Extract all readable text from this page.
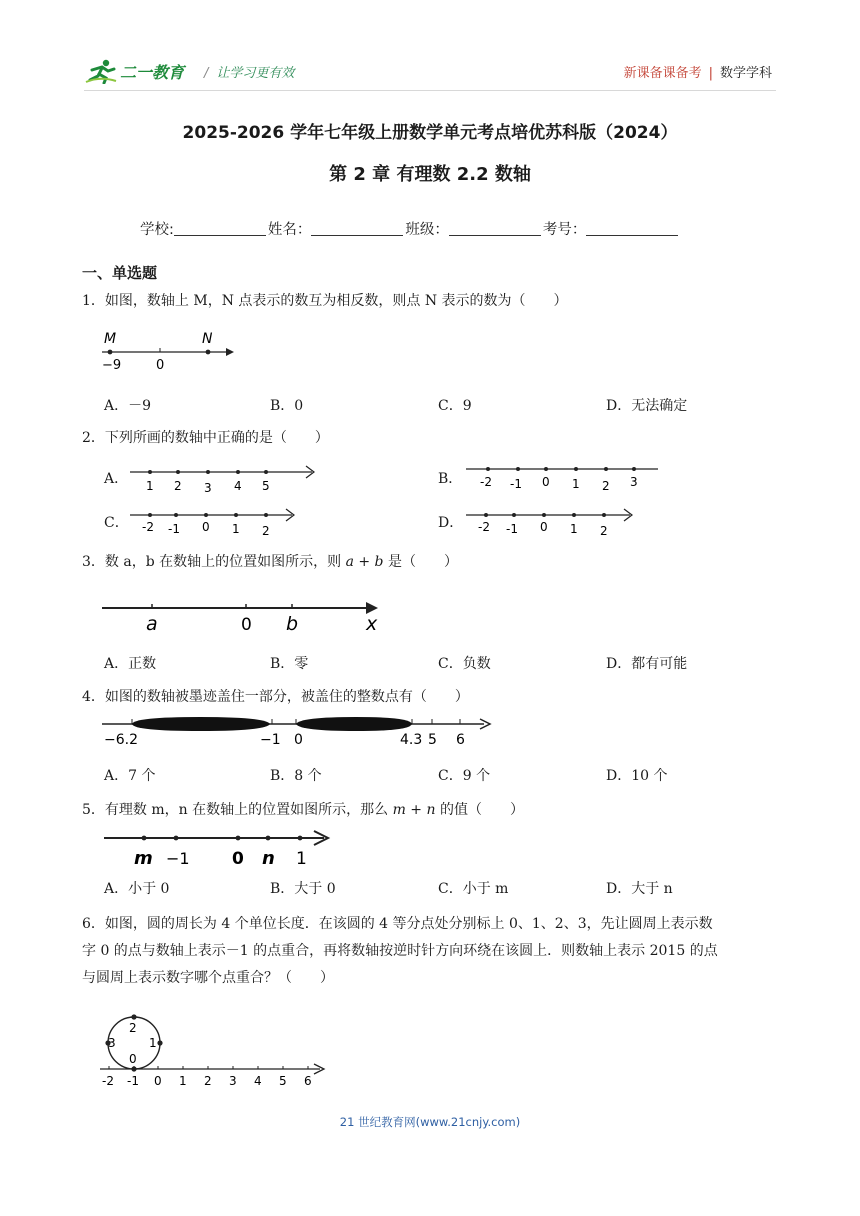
二一教育 / 让学习更有效	新课备课备考 | 数学学科
2025-2026 学年七年级上册数学单元考点培优苏科版（2024）
第 2 章 有理数 2.2 数轴
学校:	姓名：	班级：	考号：
一、单选题
1．如图，数轴上 M，N 点表示的数互为相反数，则点 N 表示的数为（　　）
M	N
−9	0
A．－9	B．0	C．9	D．无法确定
2．下列所画的数轴中正确的是（　　）
A． 1 2 3 4 5	B． -2 -1 0 1 2 3
C． -2 -1 0 1 2	D． -2 -1 0 1 2
3．数 a，b 在数轴上的位置如图所示，则 a + b 是（　　）
a	0 b	x
A．正数	B．零	C．负数	D．都有可能
4．如图的数轴被墨迹盖住一部分，被盖住的整数点有（　　）
−6.2	−1 0	4.3 5 6
A．7 个	B．8 个	C．9 个	D．10 个
5．有理数 m，n 在数轴上的位置如图所示，那么 m + n 的值（　　）
m −1 0 n 1
A．小于 0	B．大于 0	C．小于 m	D．大于 n
6．如图，圆的周长为 4 个单位长度．在该圆的 4 等分点处分别标上 0、1、2、3，先让圆周上表示数
字 0 的点与数轴上表示－1 的点重合，再将数轴按逆时针方向环绕在该圆上．则数轴上表示 2015 的点
与圆周上表示数字哪个点重合？（　　）
2
3	1
0
-2 -1 0 1 2 3 4 5 6
21 世纪教育网(www.21cnjy.com)
